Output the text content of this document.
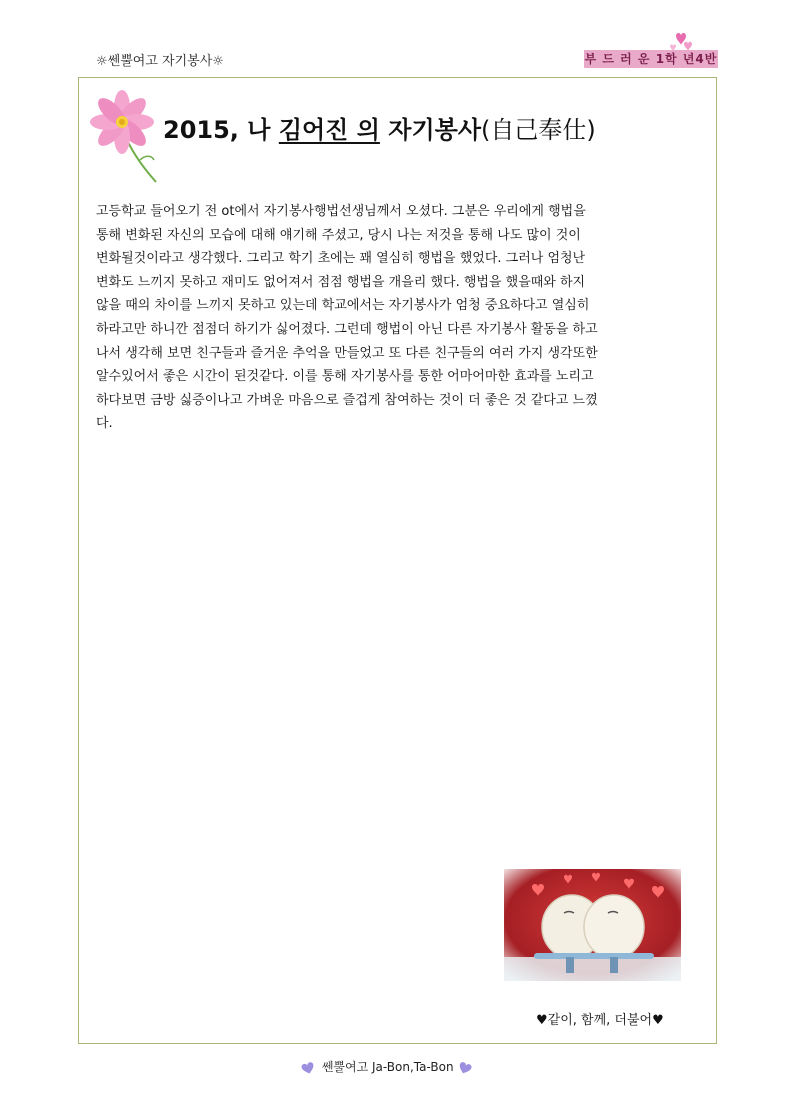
☼쎈뿔여고 자기봉사☼	부 드 러 운 1학 년4반
2015, 나 김어진 의 자기봉사(自己奉仕)
고등학교 들어오기 전 ot에서 자기봉사행법선생님께서 오셨다. 그분은 우리에게 행법을
통해 변화된 자신의 모습에 대해 얘기해 주셨고, 당시 나는 저것을 통해 나도 많이 것이
변화될것이라고 생각했다. 그리고 학기 초에는 꽤 열심히 행법을 했었다. 그러나 엄청난
변화도 느끼지 못하고 재미도 없어져서 점점 행법을 개을리 했다. 행법을 했을때와 하지
않을 때의 차이를 느끼지 못하고 있는데 학교에서는 자기봉사가 엄청 중요하다고 열심히
하라고만 하니깐 점점더 하기가 싫어졌다. 그런데 행법이 아닌 다른 자기봉사 활동을 하고
나서 생각해 보면 친구들과 즐거운 추억을 만들었고 또 다른 친구들의 여러 가지 생각또한
알수있어서 좋은 시간이 된것같다. 이를 통해 자기봉사를 통한 어마어마한 효과를 노리고
하다보면 금방 싫증이나고 가벼운 마음으로 즐겁게 참여하는 것이 더 좋은 것 같다고 느꼈
다.
♥같이, 함께, 더불어♥
쎈뿔여고 Ja-Bon,Ta-Bon
